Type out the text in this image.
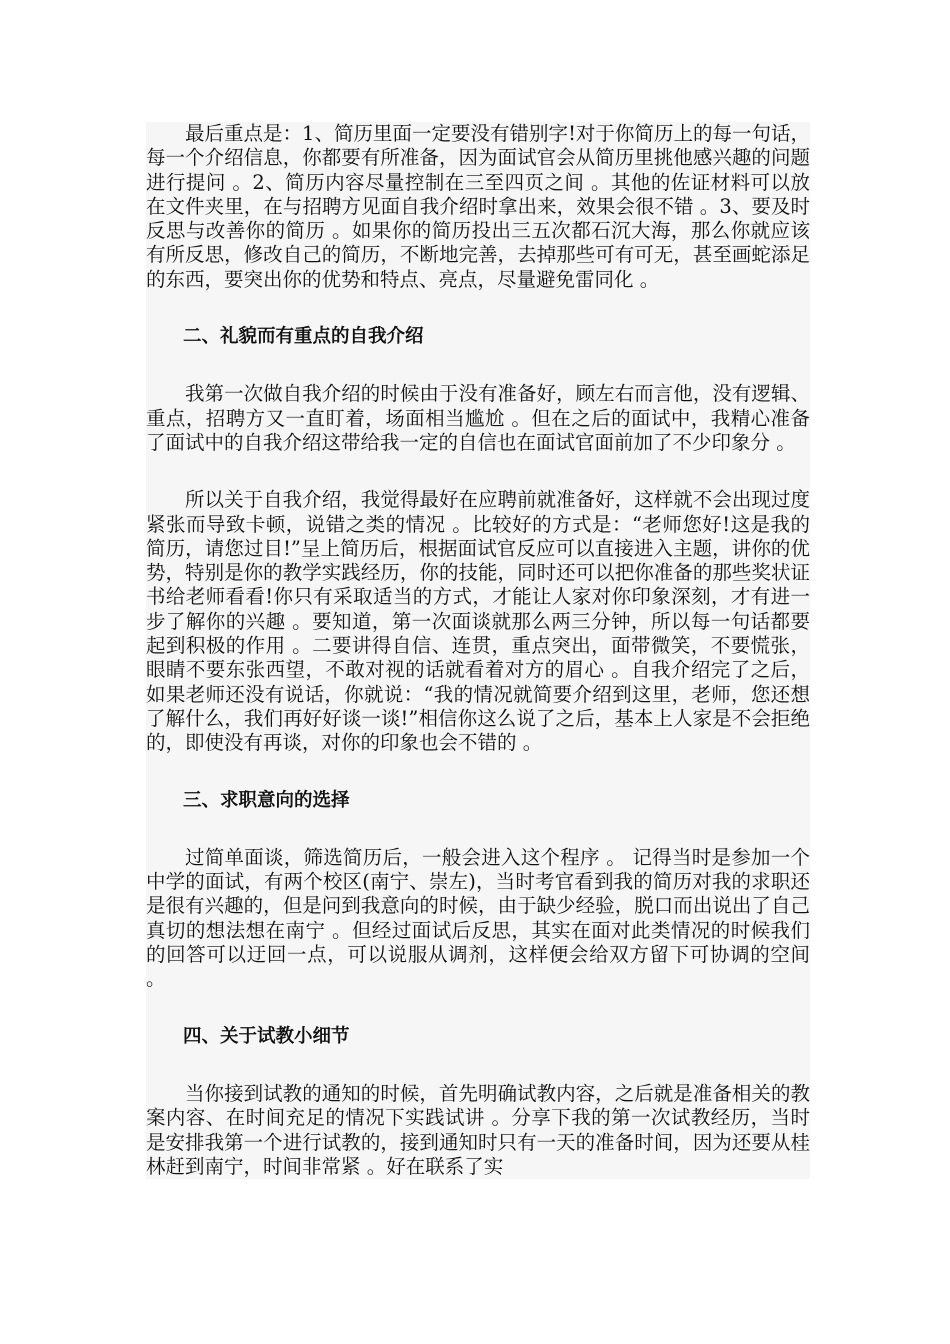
最后重点是：1、简历里面一定要没有错别字!对于你简历上的每一句话，每一个介绍信息，你都要有所准备，因为面试官会从简历里挑他感兴趣的问题进行提问 。2、简历内容尽量控制在三至四页之间 。其他的佐证材料可以放在文件夹里，在与招聘方见面自我介绍时拿出来，效果会很不错 。3、要及时反思与改善你的简历 。如果你的简历投出三五次都石沉大海，那么你就应该有所反思，修改自己的简历，不断地完善，去掉那些可有可无，甚至画蛇添足的东西，要突出你的优势和特点、亮点，尽量避免雷同化 。

二、礼貌而有重点的自我介绍

我第一次做自我介绍的时候由于没有准备好，顾左右而言他，没有逻辑、重点，招聘方又一直盯着，场面相当尴尬 。但在之后的面试中，我精心准备了面试中的自我介绍这带给我一定的自信也在面试官面前加了不少印象分 。

所以关于自我介绍，我觉得最好在应聘前就准备好，这样就不会出现过度紧张而导致卡顿，说错之类的情况 。比较好的方式是：“老师您好!这是我的简历，请您过目!”呈上简历后，根据面试官反应可以直接进入主题，讲你的优势，特别是你的教学实践经历，你的技能，同时还可以把你准备的那些奖状证书给老师看看!你只有采取适当的方式，才能让人家对你印象深刻，才有进一步了解你的兴趣 。要知道，第一次面谈就那么两三分钟，所以每一句话都要起到积极的作用 。二要讲得自信、连贯，重点突出，面带微笑，不要慌张，眼睛不要东张西望，不敢对视的话就看着对方的眉心 。自我介绍完了之后，如果老师还没有说话，你就说：“我的情况就简要介绍到这里，老师，您还想了解什么，我们再好好谈一谈!”相信你这么说了之后，基本上人家是不会拒绝的，即使没有再谈，对你的印象也会不错的 。

三、求职意向的选择

过简单面谈，筛选简历后，一般会进入这个程序 。 记得当时是参加一个中学的面试，有两个校区(南宁、崇左)，当时考官看到我的简历对我的求职还是很有兴趣的，但是问到我意向的时候，由于缺少经验，脱口而出说出了自己真切的想法想在南宁 。但经过面试后反思，其实在面对此类情况的时候我们的回答可以迂回一点，可以说服从调剂，这样便会给双方留下可协调的空间 。

四、关于试教小细节

当你接到试教的通知的时候，首先明确试教内容，之后就是准备相关的教案内容、在时间充足的情况下实践试讲 。分享下我的第一次试教经历，当时是安排我第一个进行试教的，接到通知时只有一天的准备时间，因为还要从桂林赶到南宁，时间非常紧 。好在联系了实
